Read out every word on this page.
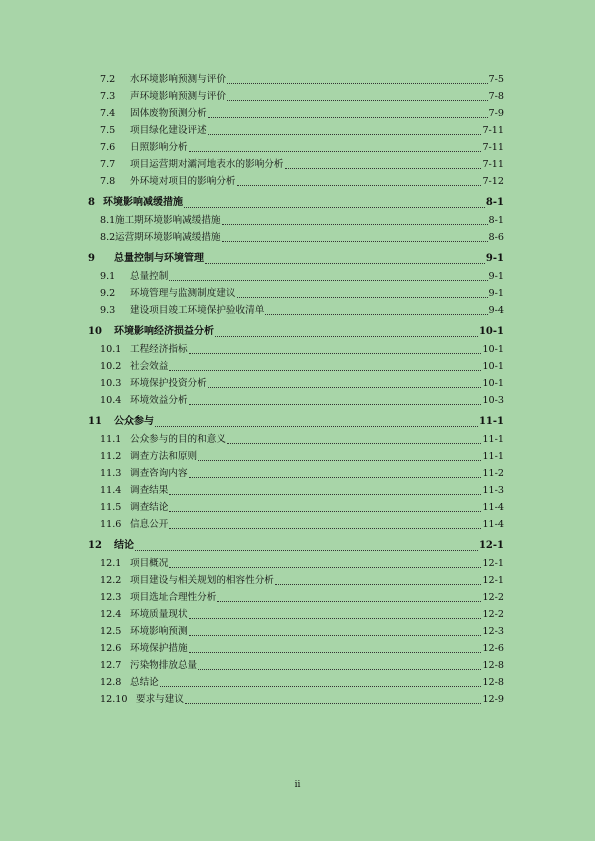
7.2	水环境影响预测与评价	7-5
7.3	声环境影响预测与评价	7-8
7.4	固体废物预测分析	7-9
7.5	项目绿化建设评述	7-11
7.6	日照影响分析	7-11
7.7	项目运营期对灞河地表水的影响分析	7-11
7.8	外环境对项目的影响分析	7-12
8 环境影响减缓措施	8-1
8.1 施工期环境影响减缓措施	8-1
8.2 运营期环境影响减缓措施	8-6
9	总量控制与环境管理	9-1
9.1	总量控制	9-1
9.2	环境管理与监测制度建议	9-1
9.3	建设项目竣工环境保护验收清单	9-4
10	环境影响经济损益分析	10-1
10.1 工程经济指标	10-1
10.2 社会效益	10-1
10.3 环境保护投资分析	10-1
10.4 环境效益分析	10-3
11	公众参与	11-1
11.1 公众参与的目的和意义	11-1
11.2 调查方法和原则	11-1
11.3 调查咨询内容	11-2
11.4 调查结果	11-3
11.5 调查结论	11-4
11.6 信息公开	11-4
12	结论	12-1
12.1 项目概况	12-1
12.2 项目建设与相关规划的相容性分析	12-1
12.3 项目选址合理性分析	12-2
12.4 环境质量现状	12-2
12.5 环境影响预测	12-3
12.6 环境保护措施	12-6
12.7 污染物排放总量	12-8
12.8 总结论	12-8
12.10 要求与建议	12-9
ii
